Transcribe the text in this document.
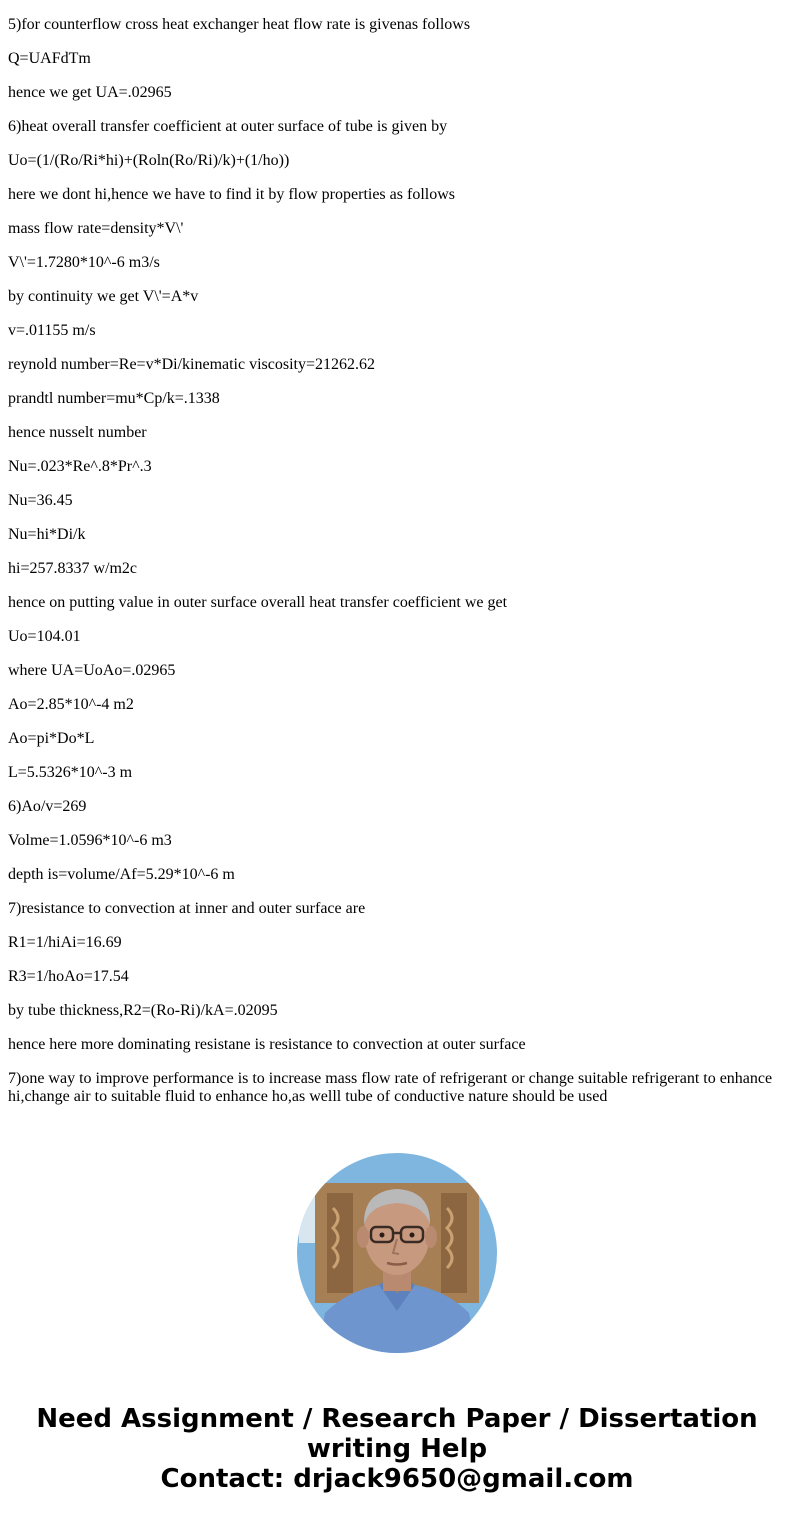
5)for counterflow cross heat exchanger heat flow rate is givenas follows

Q=UAFdTm

hence we get UA=.02965

6)heat overall transfer coefficient at outer surface of tube is given by

Uo=(1/(Ro/Ri*hi)+(Roln(Ro/Ri)/k)+(1/ho))

here we dont hi,hence we have to find it by flow properties as follows

mass flow rate=density*V\'

V\'=1.7280*10^-6 m3/s

by continuity we get V\'=A*v

v=.01155 m/s

reynold number=Re=v*Di/kinematic viscosity=21262.62

prandtl number=mu*Cp/k=.1338

hence nusselt number

Nu=.023*Re^.8*Pr^.3

Nu=36.45

Nu=hi*Di/k

hi=257.8337 w/m2c

hence on putting value in outer surface overall heat transfer coefficient we get

Uo=104.01

where UA=UoAo=.02965

Ao=2.85*10^-4 m2

Ao=pi*Do*L

L=5.5326*10^-3 m

6)Ao/v=269

Volme=1.0596*10^-6 m3

depth is=volume/Af=5.29*10^-6 m

7)resistance to convection at inner and outer surface are

R1=1/hiAi=16.69

R3=1/hoAo=17.54

by tube thickness,R2=(Ro-Ri)/kA=.02095

hence here more dominating resistane is resistance to convection at outer surface

7)one way to improve performance is to increase mass flow rate of refrigerant or change suitable refrigerant to enhance hi,change air to suitable fluid to enhance ho,as welll tube of conductive nature should be used

Need Assignment / Research Paper / Dissertation writing Help
Contact: drjack9650@gmail.com
